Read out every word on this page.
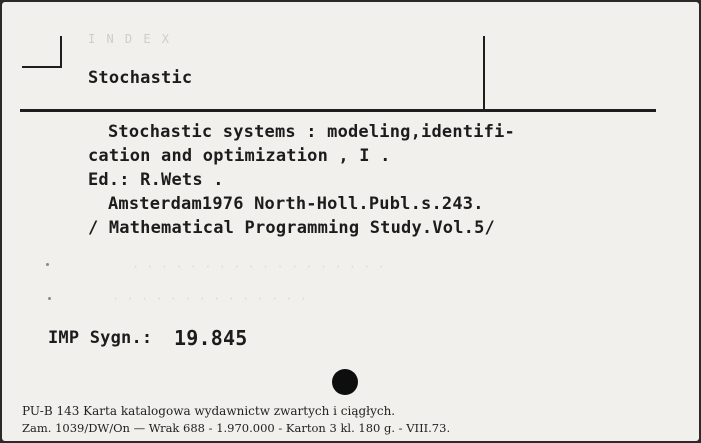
I N D E X
Stochastic
Stochastic systems : modeling,identifi-
cation and optimization , I .
Ed.: R.Wets .
Amsterdam1976 North-Holl.Publ.s.243.
/ Mathematical Programming Study.Vol.5/
· · · · · · · · · · · · · · · · · ·
· · · · · · · · · · · · · ·
IMP Sygn.: 19.845
PU-B 143 Karta katalogowa wydawnictw zwartych i ciągłych.
Zam. 1039/DW/On — Wrak 688 - 1.970.000 - Karton 3 kl. 180 g. - VIII.73.
